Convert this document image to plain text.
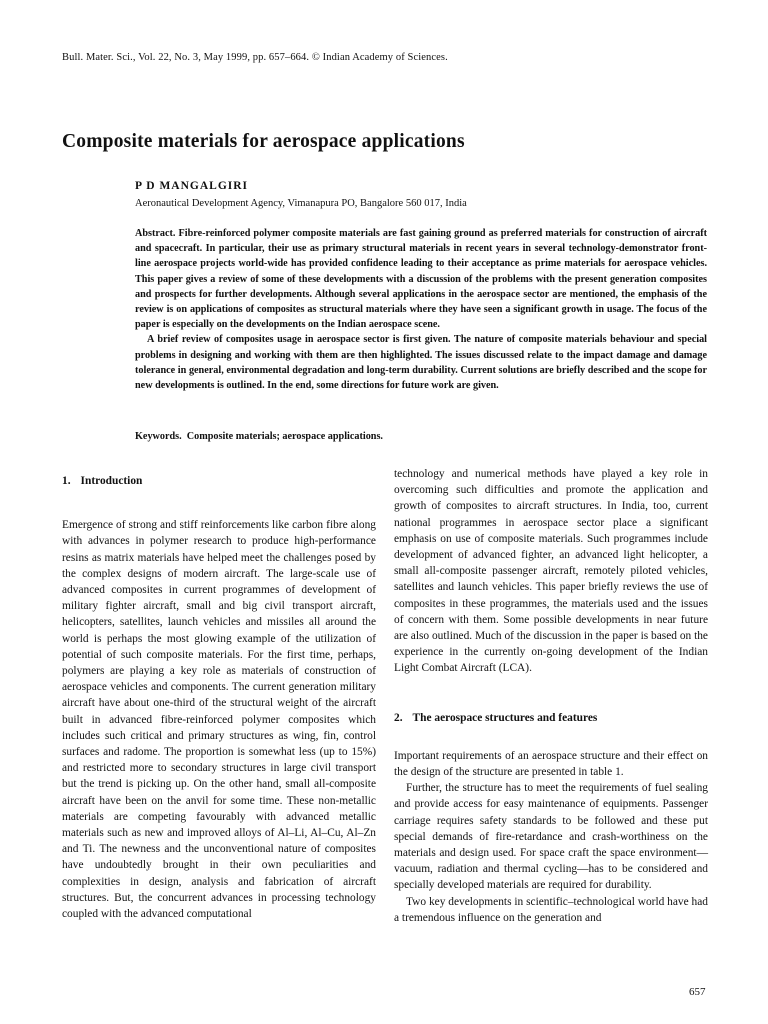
Bull. Mater. Sci., Vol. 22, No. 3, May 1999, pp. 657–664. © Indian Academy of Sciences.
Composite materials for aerospace applications
P D MANGALGIRI
Aeronautical Development Agency, Vimanapura PO, Bangalore 560 017, India

Abstract. Fibre-reinforced polymer composite materials are fast gaining ground as preferred materials for construction of aircraft and spacecraft. In particular, their use as primary structural materials in recent years in several technology-demonstrator front-line aerospace projects world-wide has provided confidence leading to their acceptance as prime materials for aerospace vehicles. This paper gives a review of some of these developments with a discussion of the problems with the present generation composites and prospects for further developments. Although several applications in the aerospace sector are mentioned, the emphasis of the review is on applications of composites as structural materials where they have seen a significant growth in usage. The focus of the paper is especially on the developments on the Indian aerospace scene.

A brief review of composites usage in aerospace sector is first given. The nature of composite materials behaviour and special problems in designing and working with them are then highlighted. The issues discussed relate to the impact damage and damage tolerance in general, environmental degradation and long-term durability. Current solutions are briefly described and the scope for new developments is outlined. In the end, some directions for future work are given.

Keywords. Composite materials; aerospace applications.
1. Introduction

Emergence of strong and stiff reinforcements like carbon fibre along with advances in polymer research to produce high-performance resins as matrix materials have helped meet the challenges posed by the complex designs of modern aircraft. The large-scale use of advanced composites in current programmes of development of military fighter aircraft, small and big civil transport aircraft, helicopters, satellites, launch vehicles and missiles all around the world is perhaps the most glowing example of the utilization of potential of such composite materials. For the first time, perhaps, polymers are playing a key role as materials of construction of aerospace vehicles and components. The current generation military aircraft have about one-third of the structural weight of the aircraft built in advanced fibre-reinforced polymer composites which includes such critical and primary structures as wing, fin, control surfaces and radome. The proportion is somewhat less (up to 15%) and restricted more to secondary structures in large civil transport but the trend is picking up. On the other hand, small all-composite aircraft have been on the anvil for some time. These non-metallic materials are competing favourably with advanced metallic materials such as new and improved alloys of Al–Li, Al–Cu, Al–Zn and Ti. The newness and the unconventional nature of composites have undoubtedly brought in their own peculiarities and complexities in design, analysis and fabrication of aircraft structures. But, the concurrent advances in processing technology coupled with the advanced computational

technology and numerical methods have played a key role in overcoming such difficulties and promote the application and growth of composites to aircraft structures. In India, too, current national programmes in aerospace sector place a significant emphasis on use of composite materials. Such programmes include development of advanced fighter, an advanced light helicopter, a small all-composite passenger aircraft, remotely piloted vehicles, satellites and launch vehicles. This paper briefly reviews the use of composites in these programmes, the materials used and the issues of concern with them. Some possible developments in near future are also outlined. Much of the discussion in the paper is based on the experience in the currently on-going development of the Indian Light Combat Aircraft (LCA).

2. The aerospace structures and features

Important requirements of an aerospace structure and their effect on the design of the structure are presented in table 1.

Further, the structure has to meet the requirements of fuel sealing and provide access for easy maintenance of equipments. Passenger carriage requires safety standards to be followed and these put special demands of fire-retardance and crash-worthiness on the materials and design used. For space craft the space environment—vacuum, radiation and thermal cycling—has to be considered and specially developed materials are required for durability.

Two key developments in scientific–technological world have had a tremendous influence on the generation and

657
